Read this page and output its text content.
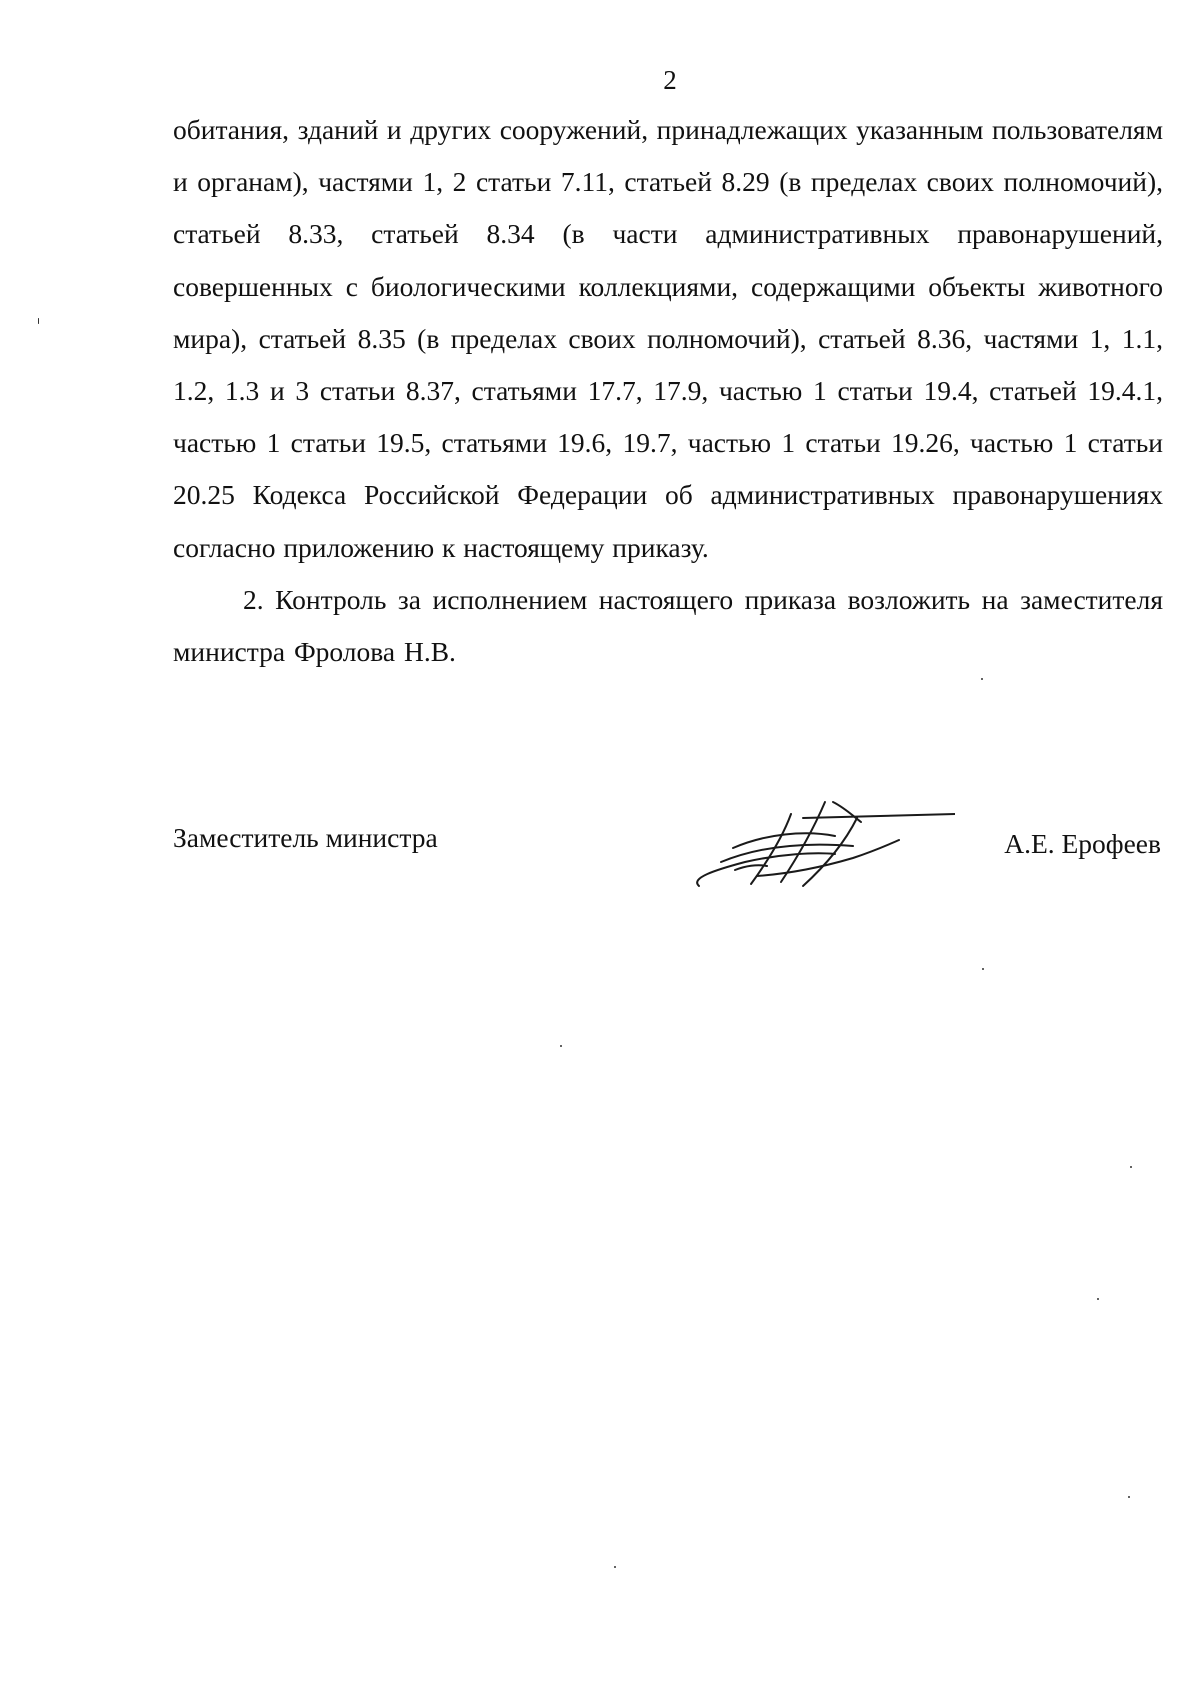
2

обитания, зданий и других сооружений, принадлежащих указанным пользователям и органам), частями 1, 2 статьи 7.11, статьей 8.29 (в пределах своих полномочий), статьей 8.33, статьей 8.34 (в части административных правонарушений, совершенных с биологическими коллекциями, содержащими объекты животного мира), статьей 8.35 (в пределах своих полномочий), статьей 8.36, частями 1, 1.1, 1.2, 1.3 и 3 статьи 8.37, статьями 17.7, 17.9, частью 1 статьи 19.4, статьей 19.4.1, частью 1 статьи 19.5, статьями 19.6, 19.7, частью 1 статьи 19.26, частью 1 статьи 20.25 Кодекса Российской Федерации об административных правонарушениях согласно приложению к настоящему приказу.

2. Контроль за исполнением настоящего приказа возложить на заместителя министра Фролова Н.В.

Заместитель министра	А.Е. Ерофеев
